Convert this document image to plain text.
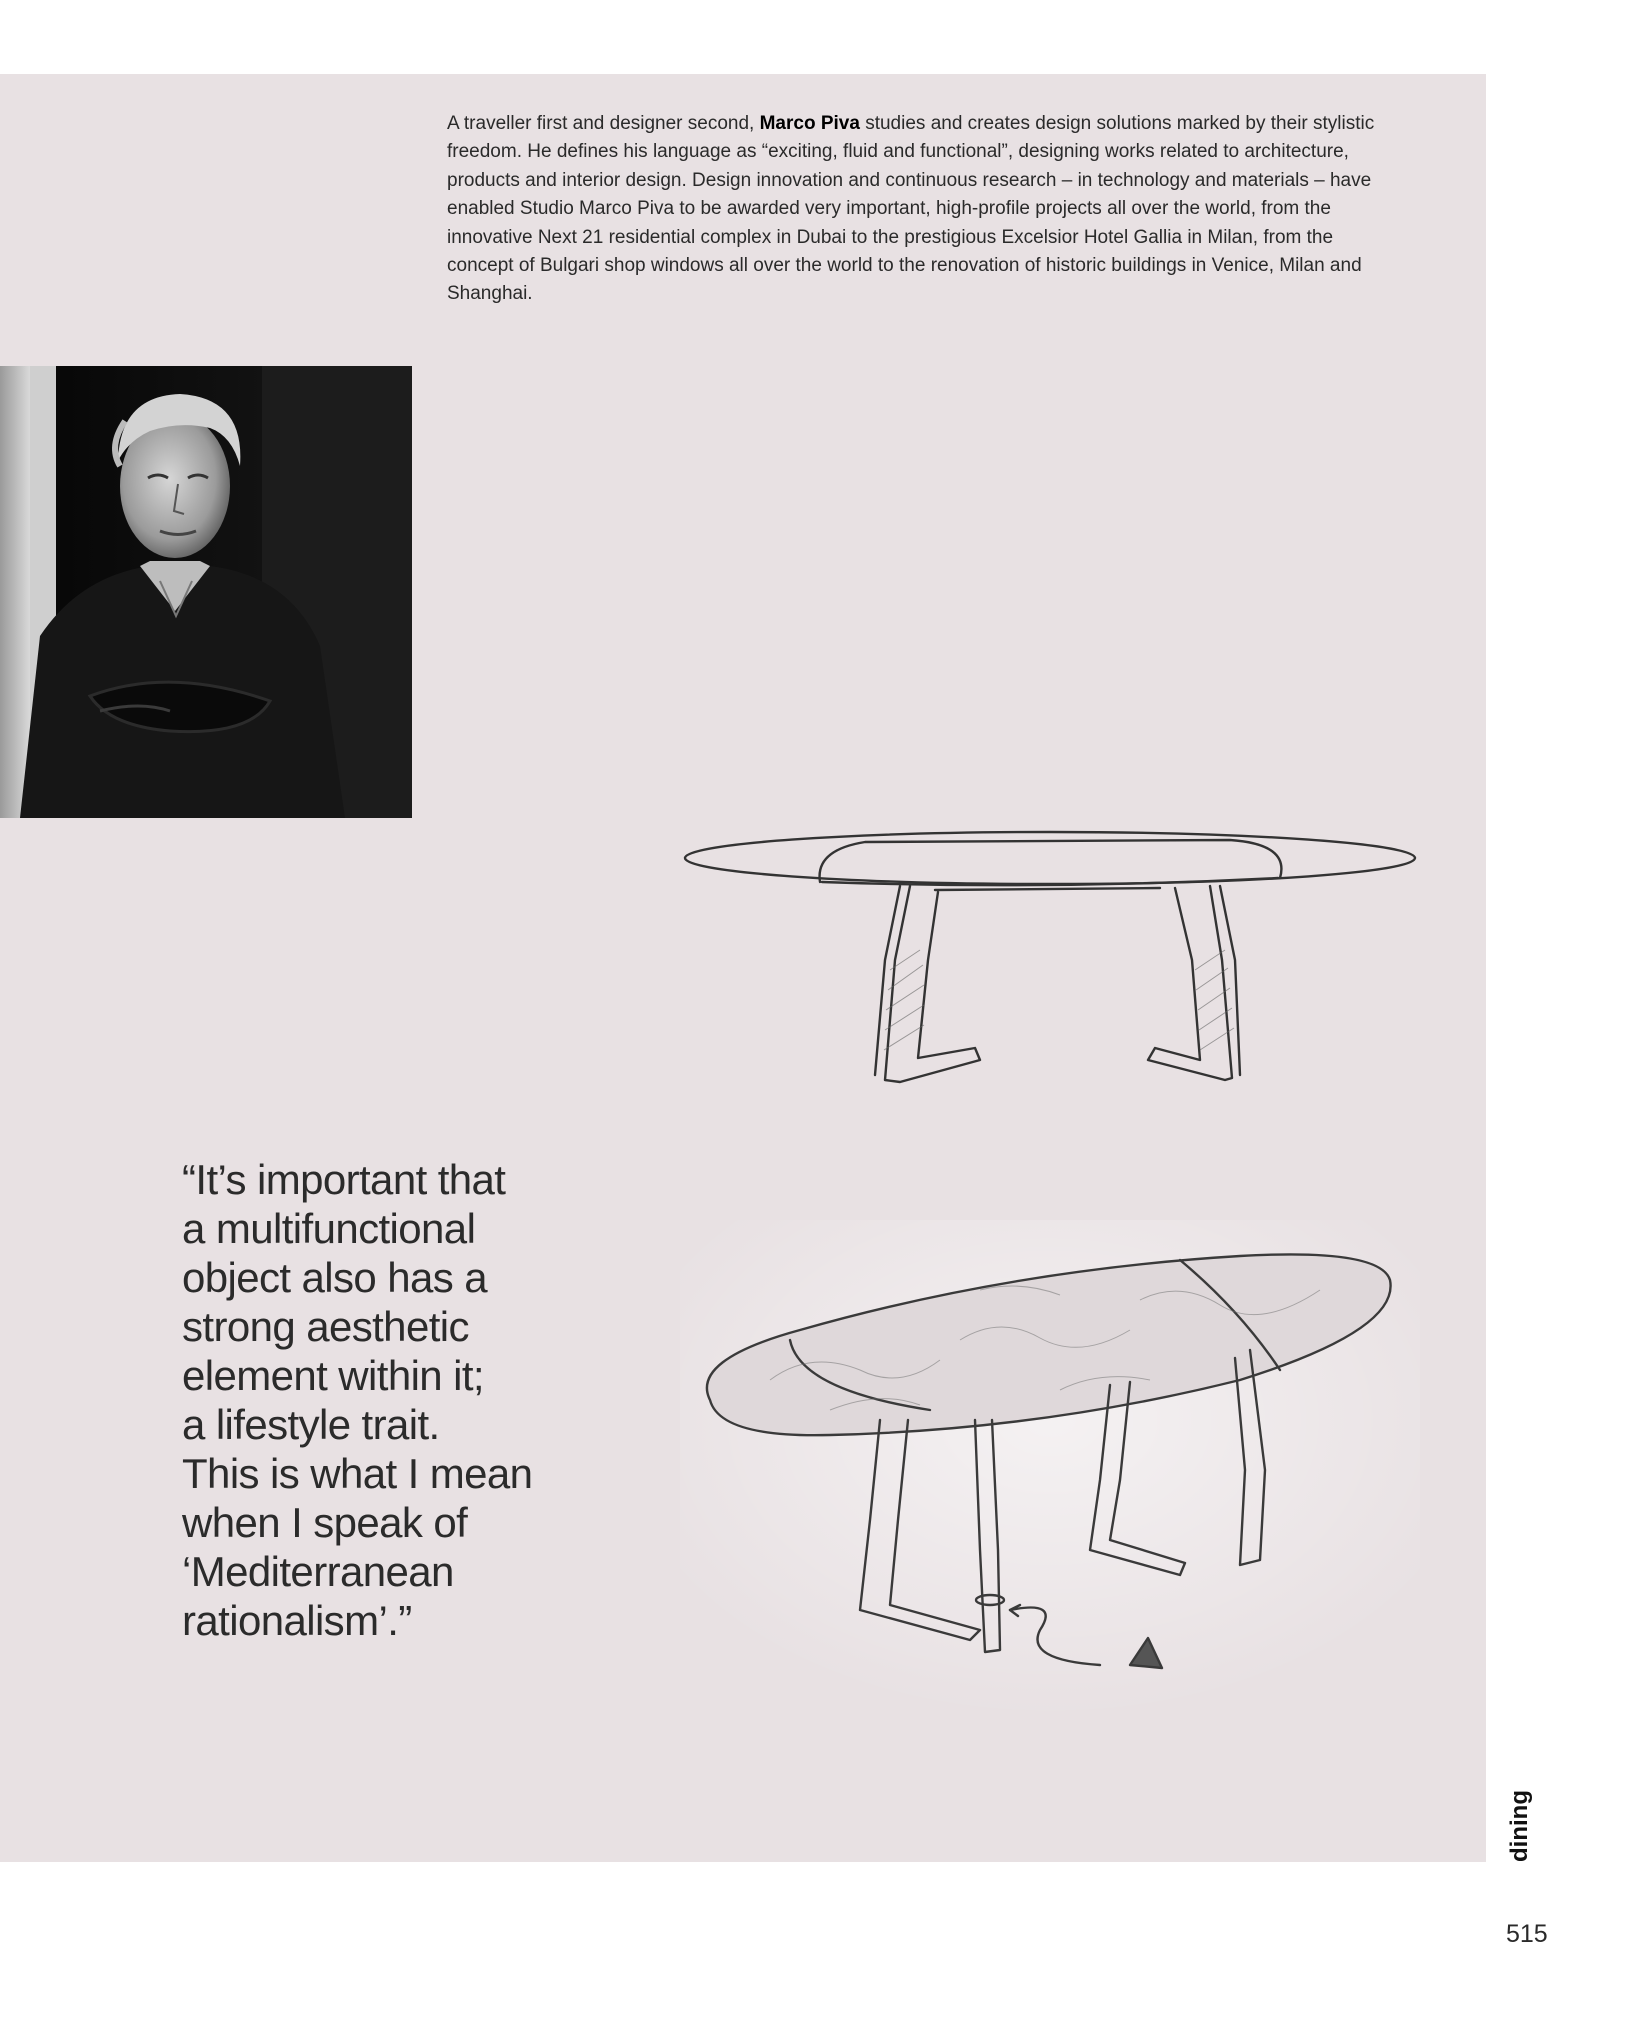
A traveller first and designer second, Marco Piva studies and creates design solutions marked by their stylistic freedom. He defines his language as “exciting, fluid and functional”, designing works related to architecture, products and interior design. Design innovation and continuous research – in technology and materials – have enabled Studio Marco Piva to be awarded very important, high-profile projects all over the world, from the innovative Next 21 residential complex in Dubai to the prestigious Excelsior Hotel Gallia in Milan, from the concept of Bulgari shop windows all over the world to the renovation of historic buildings in Venice, Milan and Shanghai.

“It’s important that
a multifunctional
object also has a
strong aesthetic
element within it;
a lifestyle trait.
This is what I mean
when I speak of
‘Mediterranean
rationalism’.”
dining
515
